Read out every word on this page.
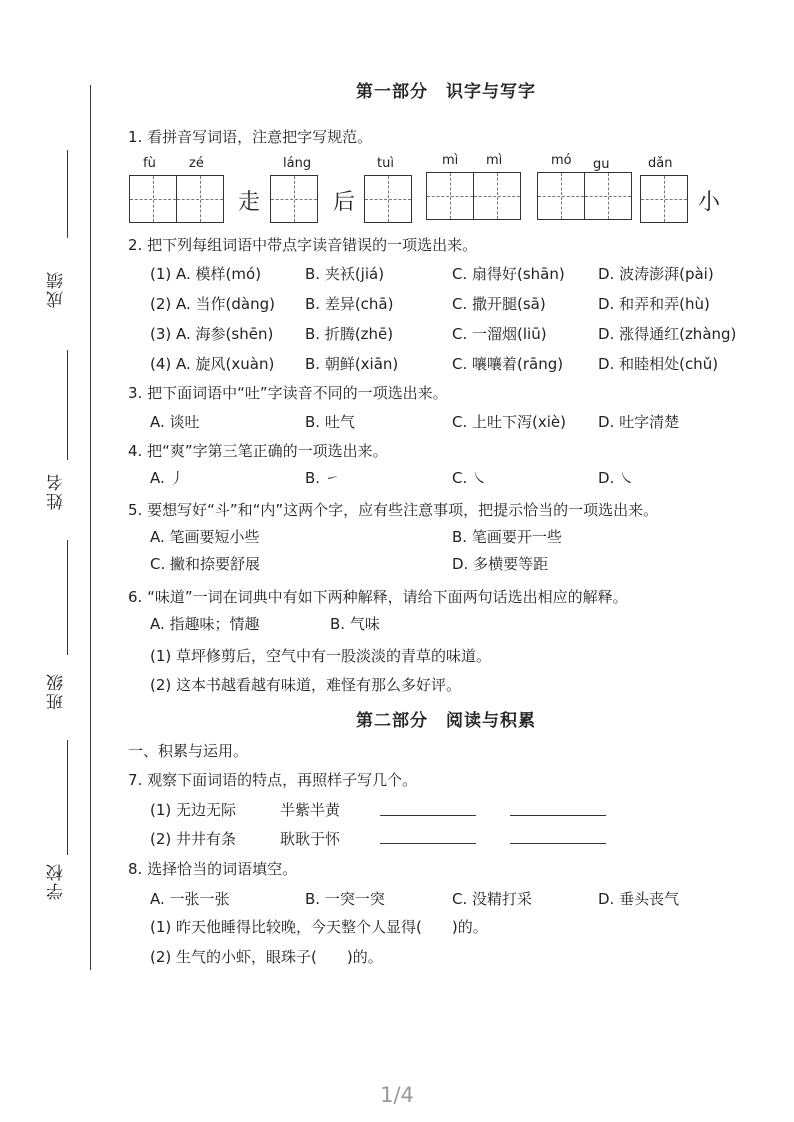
成绩
姓名
班级
学校
第一部分　识字与写字
1. 看拼音写词语，注意把字写规范。
fù	zé	láng	tuì	mì mì	mó gu	dǎn
走	后	小
2. 把下列每组词语中带点字读音错误的一项选出来。
(1) A. 模样(mó)	B. 夹袄(jiá)	C. 扇得好(shān) D. 波涛澎湃(pài)
(2) A. 当作(dàng) B. 差异(chā)	C. 撒开腿(sā)	D. 和弄和弄(hù)
(3) A. 海参(shēn) B. 折腾(zhē)	C. 一溜烟(liū)	D. 涨得通红(zhàng)
(4) A. 旋风(xuàn) B. 朝鲜(xiān)	C. 嚷嚷着(rāng) D. 和睦相处(chǔ)
3. 把下面词语中“吐”字读音不同的一项选出来。
A. 谈吐	B. 吐气	C. 上吐下泻(xiè) D. 吐字清楚
4. 把“爽”字第三笔正确的一项选出来。
A. 丿	B. ㇀	C. ㇏	D. ㇏
5. 要想写好“斗”和“内”这两个字，应有些注意事项，把提示恰当的一项选出来。
A. 笔画要短小些	B. 笔画要开一些
C. 撇和捺要舒展	D. 多横要等距
6. “味道”一词在词典中有如下两种解释，请给下面两句话选出相应的解释。
A. 指趣味；情趣	B. 气味
(1) 草坪修剪后，空气中有一股淡淡的青草的味道。
(2) 这本书越看越有味道，难怪有那么多好评。
第二部分　阅读与积累
一、积累与运用。
7. 观察下面词语的特点，再照样子写几个。
(1) 无边无际	半紫半黄
(2) 井井有条	耿耿于怀
8. 选择恰当的词语填空。
A. 一张一张	B. 一突一突	C. 没精打采	D. 垂头丧气
(1) 昨天他睡得比较晚，今天整个人显得(　　)的。
(2) 生气的小虾，眼珠子(　　)的。
1/4
